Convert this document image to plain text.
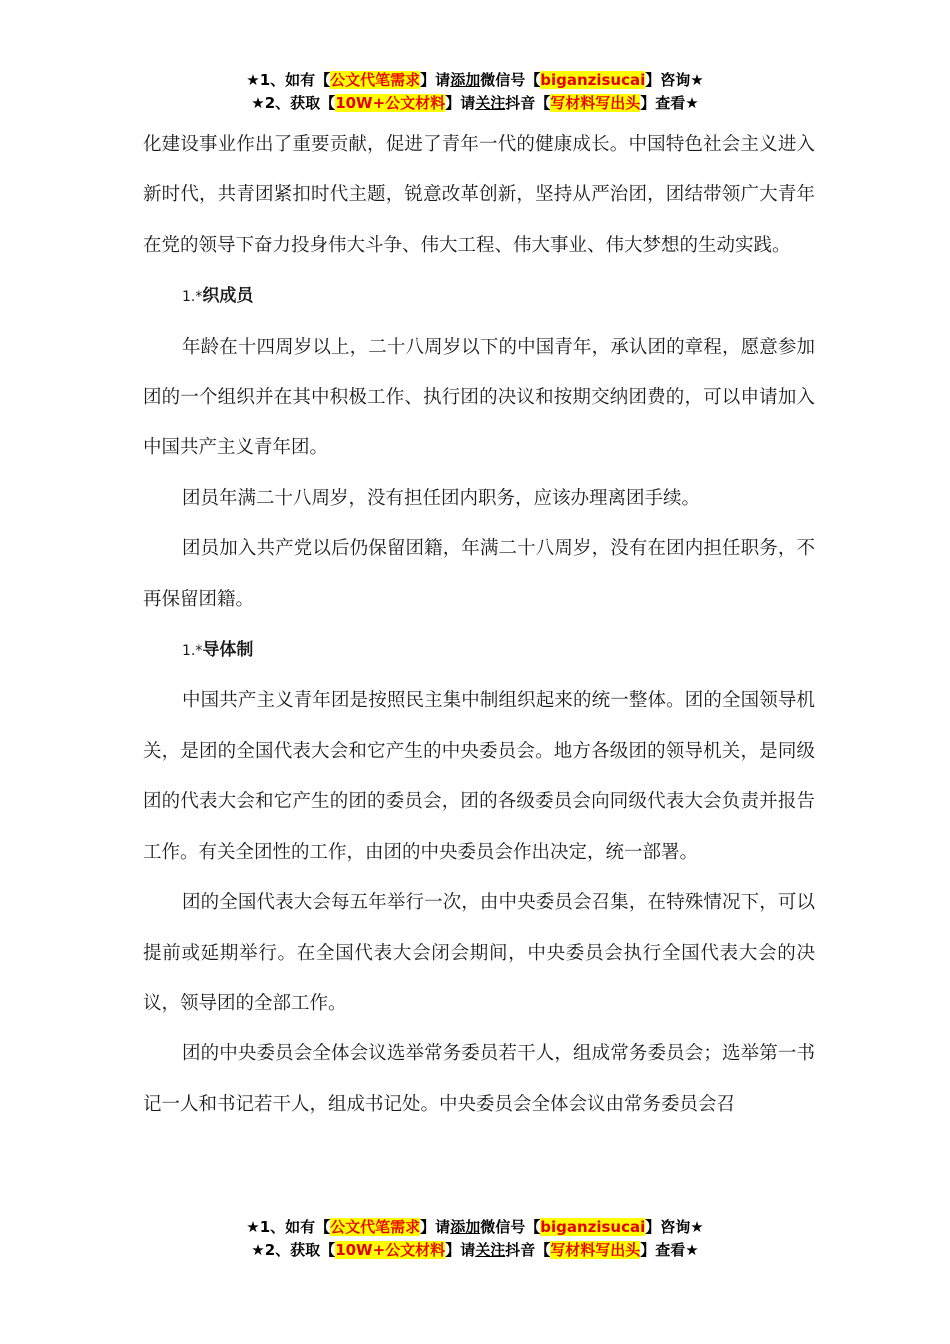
★1、如有【公文代笔需求】请添加微信号【biganzisucai】咨询★
★2、获取【10W+公文材料】请关注抖音【写材料写出头】查看★

化建设事业作出了重要贡献，促进了青年一代的健康成长。中国特色社会主义进入新时代，共青团紧扣时代主题，锐意改革创新，坚持从严治团，团结带领广大青年在党的领导下奋力投身伟大斗争、伟大工程、伟大事业、伟大梦想的生动实践。

1.*织成员

年龄在十四周岁以上，二十八周岁以下的中国青年，承认团的章程，愿意参加团的一个组织并在其中积极工作、执行团的决议和按期交纳团费的，可以申请加入中国共产主义青年团。

团员年满二十八周岁，没有担任团内职务，应该办理离团手续。

团员加入共产党以后仍保留团籍，年满二十八周岁，没有在团内担任职务，不再保留团籍。

1.*导体制

中国共产主义青年团是按照民主集中制组织起来的统一整体。团的全国领导机关，是团的全国代表大会和它产生的中央委员会。地方各级团的领导机关，是同级团的代表大会和它产生的团的委员会，团的各级委员会向同级代表大会负责并报告工作。有关全团性的工作，由团的中央委员会作出决定，统一部署。

团的全国代表大会每五年举行一次，由中央委员会召集，在特殊情况下，可以提前或延期举行。在全国代表大会闭会期间，中央委员会执行全国代表大会的决议，领导团的全部工作。

团的中央委员会全体会议选举常务委员若干人，组成常务委员会；选举第一书记一人和书记若干人，组成书记处。中央委员会全体会议由常务委员会召

★1、如有【公文代笔需求】请添加微信号【biganzisucai】咨询★
★2、获取【10W+公文材料】请关注抖音【写材料写出头】查看★
